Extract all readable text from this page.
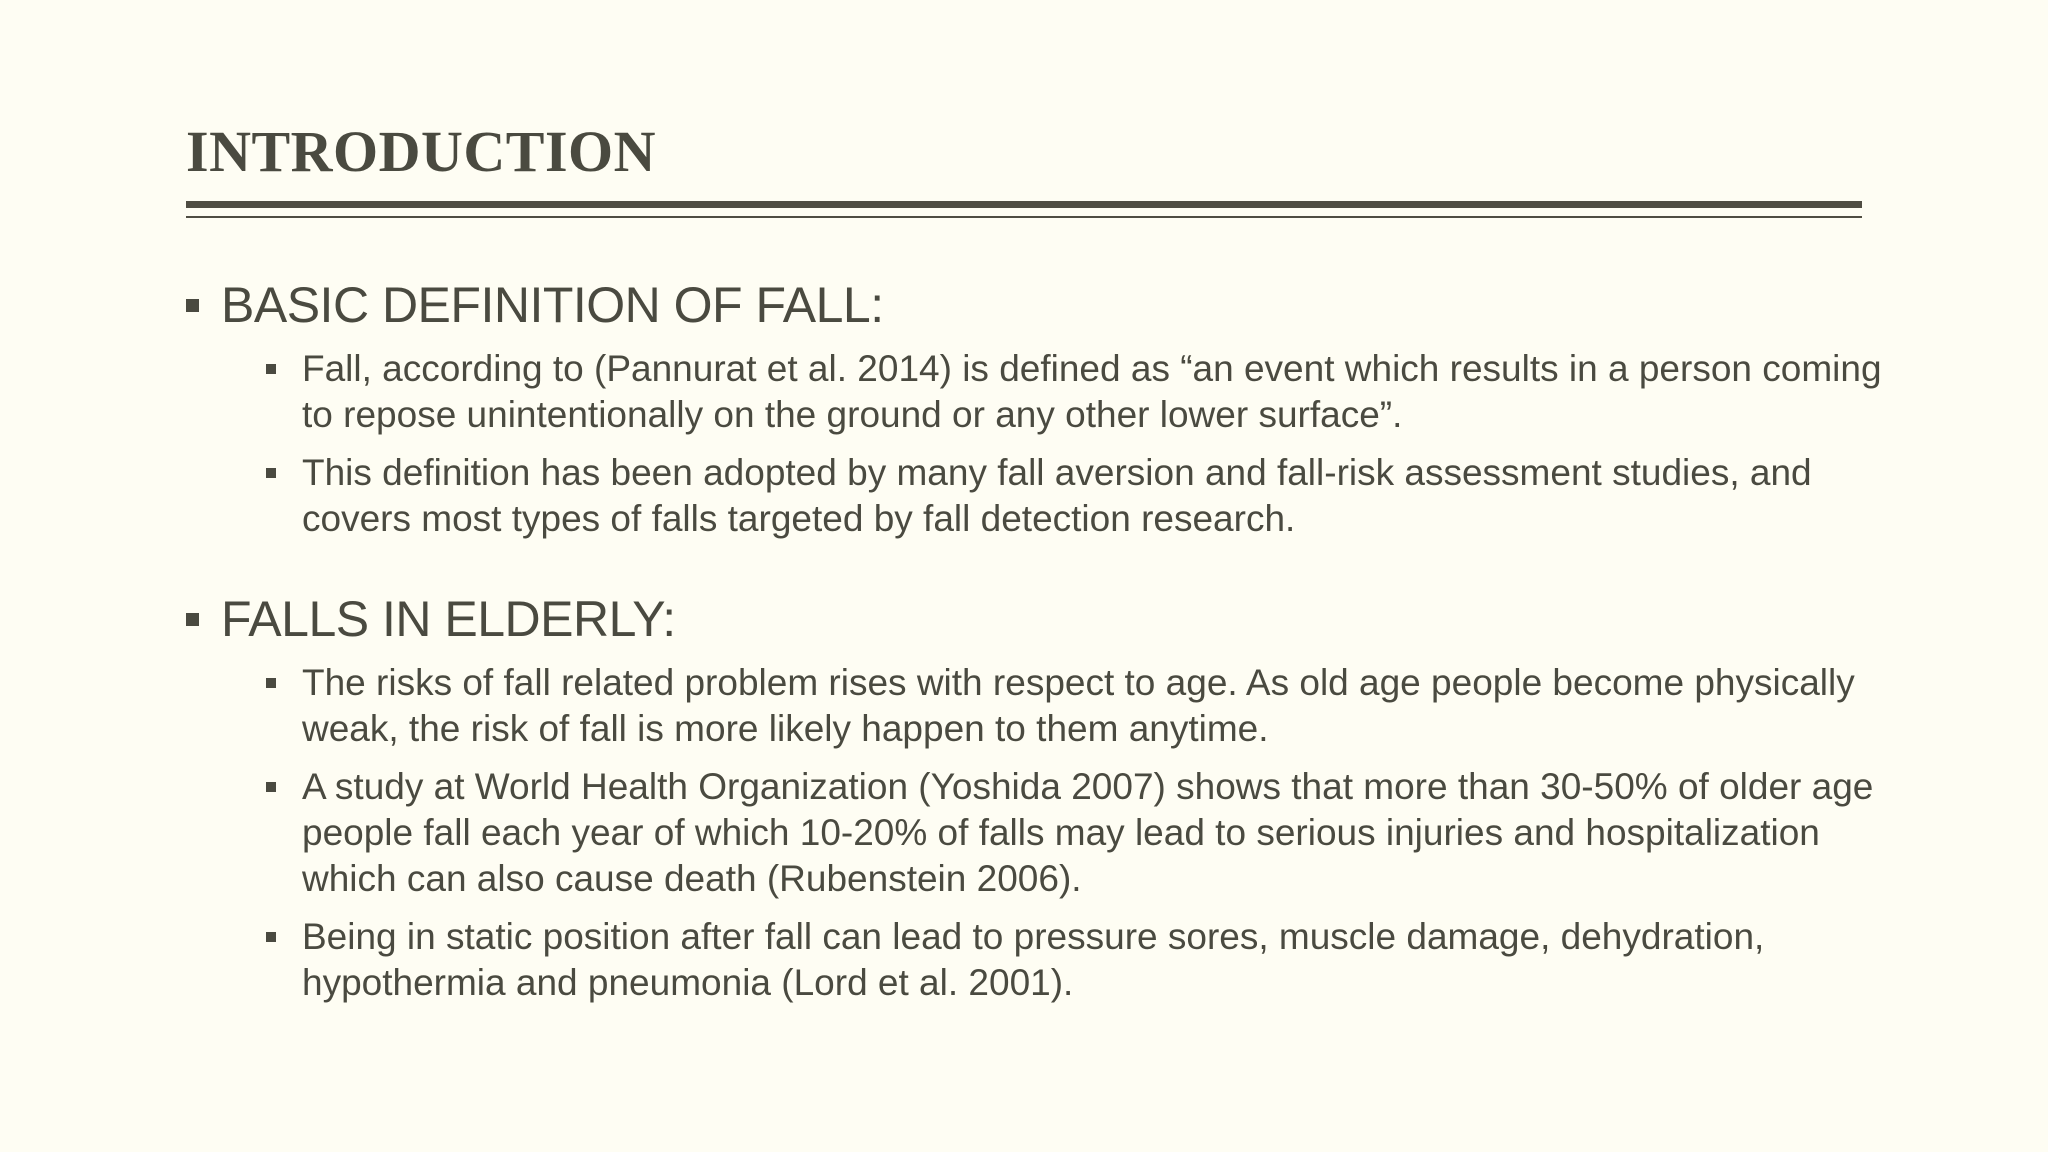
INTRODUCTION
BASIC DEFINITION OF FALL:
Fall, according to (Pannurat et al. 2014) is defined as “an event which results in a person coming to repose unintentionally on the ground or any other lower surface”.
This definition has been adopted by many fall aversion and fall-risk assessment studies, and covers most types of falls targeted by fall detection research.
FALLS IN ELDERLY:
The risks of fall related problem rises with respect to age. As old age people become physically weak, the risk of fall is more likely happen to them anytime.
A study at World Health Organization (Yoshida 2007) shows that more than 30-50% of older age people fall each year of which 10-20% of falls may lead to serious injuries and hospitalization which can also cause death (Rubenstein 2006).
Being in static position after fall can lead to pressure sores, muscle damage, dehydration, hypothermia and pneumonia (Lord et al. 2001).
